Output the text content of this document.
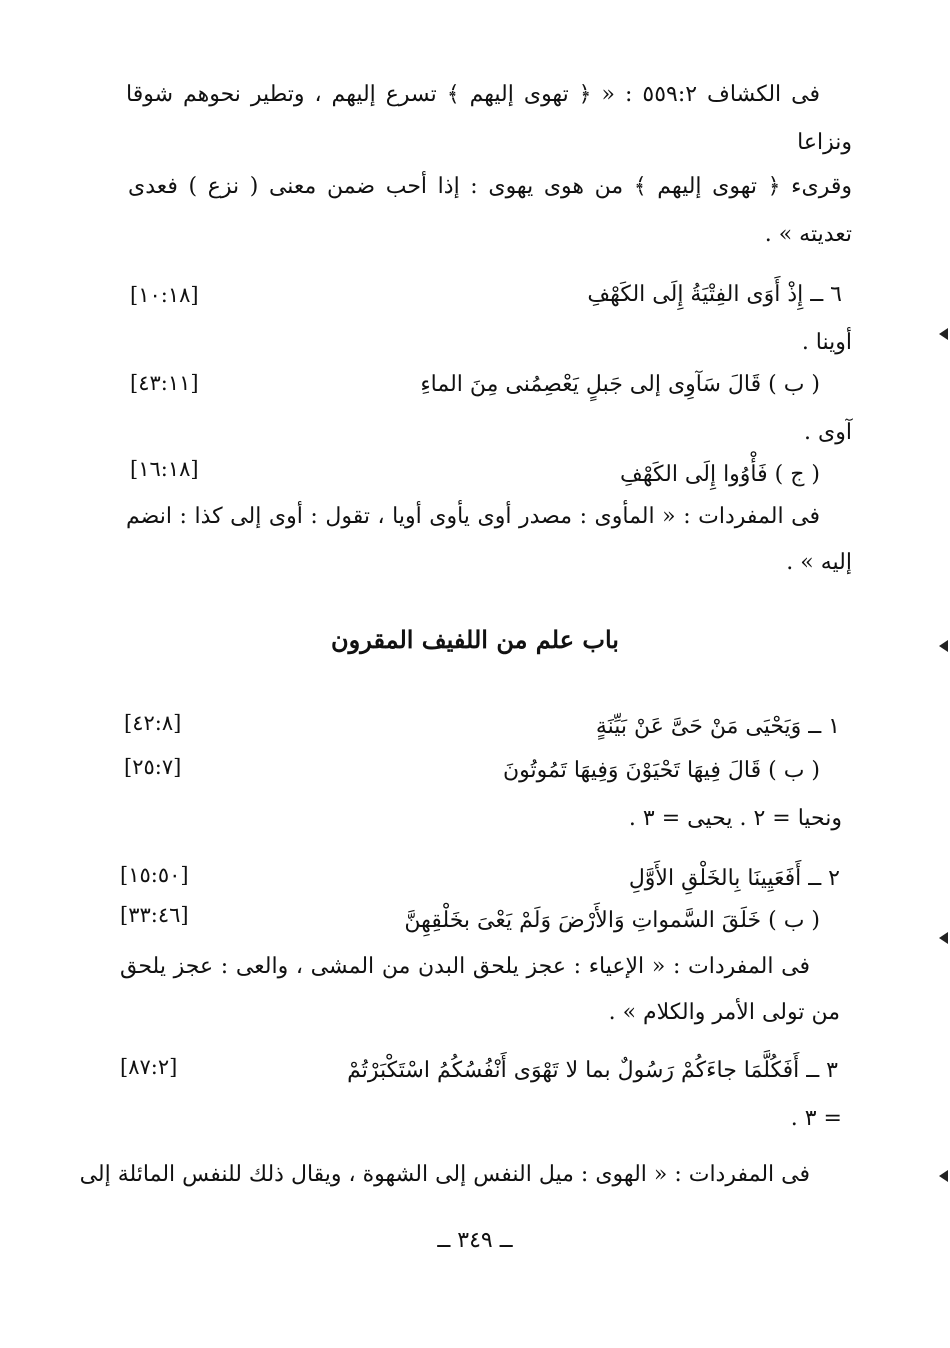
فى الكشاف ٥٥٩:٢ : « ﴿ تهوى إليهم ﴾ تسرع إليهم ، وتطير نحوهم شوقا
ونزاعا
وقرىء ﴿ تهوى إليهم ﴾ من هوى يهوى : إذا أحب ضمن معنى ( نزع ) فعدى
تعديته » .
٦ ــ إِذْ أَوَى الفِتْيَةُ إِلَى الكَهْفِ
[١٠:١٨]
أوينا .
( ب ) قَالَ سَآوِى إلى جَبلٍ يَعْصِمُنى مِنَ الماءِ
[٤٣:١١]
آوى .
( ج ) فَأْوُوا إِلَى الكَهْفِ
[١٦:١٨]
فى المفردات : « المأوى : مصدر أوى يأوى أويا ، تقول : أوى إلى كذا : انضم
إليه » .
باب علم من اللفيف المقرون
١ ــ وَيَحْيَى مَنْ حَىَّ عَنْ بَيِّنَةٍ
[٤٢:٨]
( ب ) قَالَ فِيهَا تَحْيَوْنَ وَفِيهَا تَمُوتُونَ
[٢٥:٧]
ونحيا = ٢ . يحيى = ٣ .
٢ ــ أَفَعَيِينَا بِالخَلْقِ الأَوَّلِ
[١٥:٥٠]
( ب ) خَلَقَ السَّمواتِ وَالأَرْضَ وَلَمْ يَعْىَ بخَلْقِهِنَّ
[٣٣:٤٦]
فى المفردات : « الإعياء : عجز يلحق البدن من المشى ، والعى : عجز يلحق
من تولى الأمر والكلام » .
٣ ــ أَفَكُلَّمَا جاءَكُمْ رَسُولٌ بما لا تَهْوَى أَنْفُسُكُمُ اسْتَكْبَرْتُمْ
[٨٧:٢]
= ٣ .
فى المفردات : « الهوى : ميل النفس إلى الشهوة ، ويقال ذلك للنفس المائلة إلى
ــ ٣٤٩ ــ
